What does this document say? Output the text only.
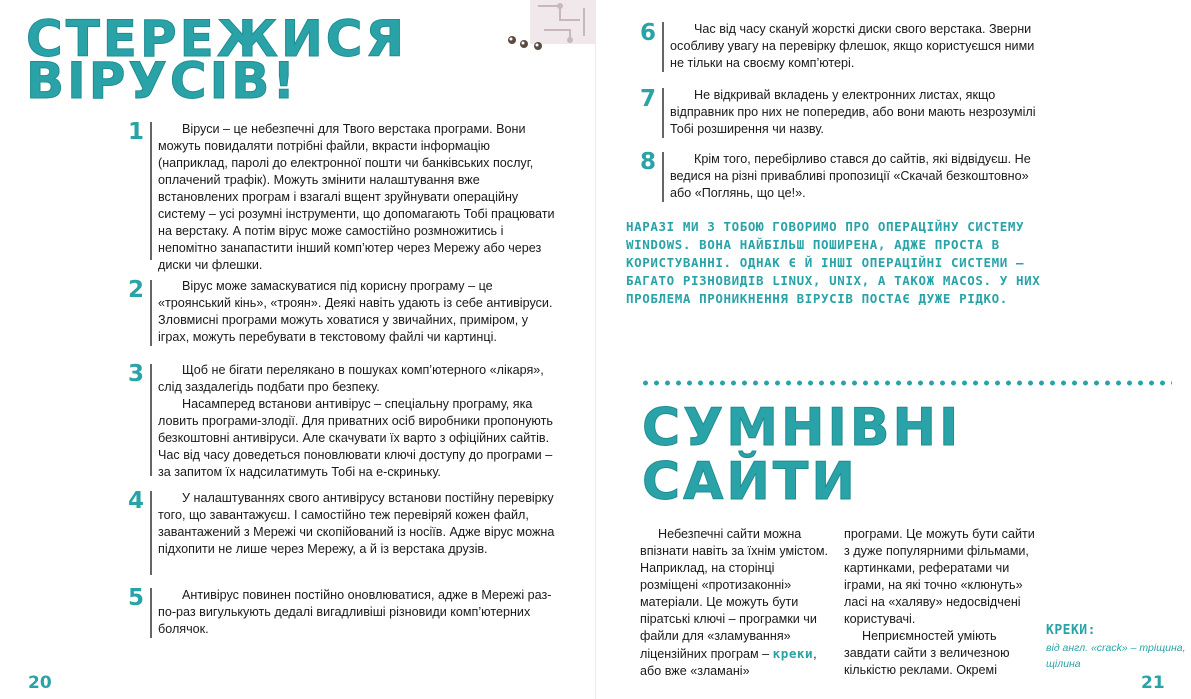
СТЕРЕЖИСЯ
ВІРУСІВ!
1	Віруси – це небезпечні для Твого верстака програми. Вони можуть повидаляти потрібні файли, вкрасти інформацію (наприклад, паролі до електронної пошти чи банківських послуг, оплачений трафік). Можуть змінити налаштування вже встановлених програм і взагалі вщент зруйнувати операційну систему – усі розумні інструменти, що допомагають Тобі працювати на верстаку. А потім вірус може самостійно розмножитись і непомітно занапастити інший комп’ютер через Мережу або через диски чи флешки.

2	Вірус може замаскуватися під корисну програму – це «троянський кінь», «троян». Деякі навіть удають із себе антивіруси. Зловмисні програми можуть ховатися у звичайних, приміром, у іграх, можуть перебувати в текстовому файлі чи картинці.

3	Щоб не бігати перелякано в пошуках комп’ютерного «лікаря», слід заздалегідь подбати про безпеку.

Насамперед встанови антивірус – спеціальну програму, яка ловить програми-злодії. Для приватних осіб виробники пропонують безкоштовні антивіруси. Але скачувати їх варто з офіційних сайтів. Час від часу доведеться поновлювати ключі доступу до програми – за запитом їх надсилатимуть Тобі на е-скриньку.

4	У налаштуваннях свого антивірусу встанови постійну перевірку того, що завантажуєш. І самостійно теж перевіряй кожен файл, завантажений з Мережі чи скопійований із носіїв. Адже вірус можна підхопити не лише через Мережу, а й із верстака друзів.

5	Антивірус повинен постійно оновлюватися, адже в Мережі раз-по-раз вигулькують дедалі вигадливіші різновиди комп’ютерних болячок.

20
6	Час від часу скануй жорсткі диски свого верстака. Зверни особливу увагу на перевірку флешок, якщо користуєшся ними не тільки на своєму комп’ютері.

7	Не відкривай вкладень у електронних листах, якщо відправник про них не попередив, або вони мають незрозумілі Тобі розширення чи назву.

8	Крім того, перебірливо стався до сайтів, які відвідуєш. Не ведися на різні привабливі пропозиції «Скачай безкоштовно» або «Поглянь, що це!».

НАРАЗІ МИ З ТОБОЮ ГОВОРИМО ПРО ОПЕРАЦІЙНУ СИСТЕМУ WINDOWS. ВОНА НАЙБІЛЬШ ПОШИРЕНА, АДЖЕ ПРОСТА В КОРИСТУВАННІ. ОДНАК Є Й ІНШІ ОПЕРАЦІЙНІ СИСТЕМИ – БАГАТО РІЗНОВИДІВ LINUX, UNIX, А ТАКОЖ MACOS. У НИХ ПРОБЛЕМА ПРОНИКНЕННЯ ВІРУСІВ ПОСТАЄ ДУЖЕ РІДКО.

СУМНІВНІ
САЙТИ

Небезпечні сайти можна впізнати навіть за їхнім умістом. Наприклад, на сторінці розміщені «протизаконні» матеріали. Це можуть бути піратські ключі – програмки чи файли для «зламування» ліцензійних програм – креки, або вже «зламані»

програми. Це можуть бути сайти з дуже популярними фільмами, картинками, рефератами чи іграми, на які точно «клюнуть» ласі на «халяву» недосвідчені користувачі.

Неприємностей уміють завдати сайти з величезною кількістю реклами. Окремі

КРЕКИ:

від англ. «crack» – тріщина, щілина

21
